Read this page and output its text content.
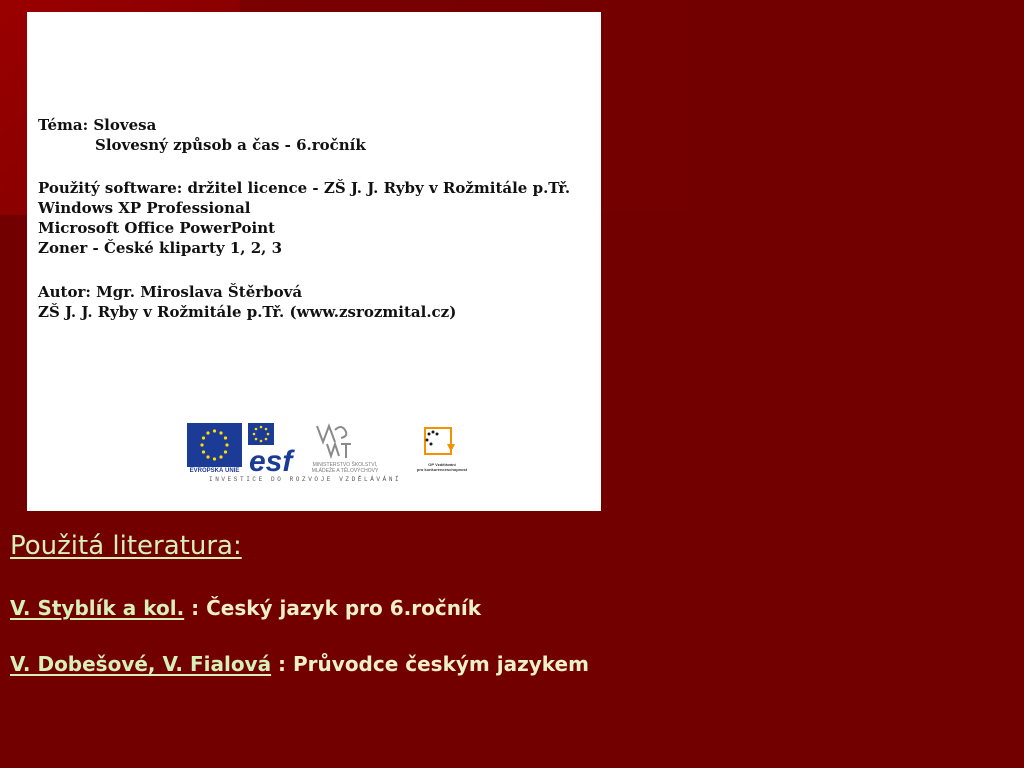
Téma: Slovesa
Slovesný způsob a čas - 6.ročník
Použitý software: držitel licence - ZŠ J. J. Ryby v Rožmitále p.Tř.
Windows XP Professional
Microsoft Office PowerPoint
Zoner - České kliparty 1, 2, 3
Autor: Mgr. Miroslava Štěrbová
ZŠ J. J. Ryby v Rožmitále p.Tř. (www.zsrozmital.cz)
EVROPSKÁ UNIE esf	MINISTERSTVO ŠKOLSTVÍ,
MLÁDEŽE A TĚLOVÝCHOVY
OP Vzdělávání
pro konkurenceschopnost
INVESTICE DO ROZVOJE VZDĚLÁVÁNÍ
Použitá literatura:
V. Styblík a kol. : Český jazyk pro 6.ročník
V. Dobešové, V. Fialová : Průvodce českým jazykem
